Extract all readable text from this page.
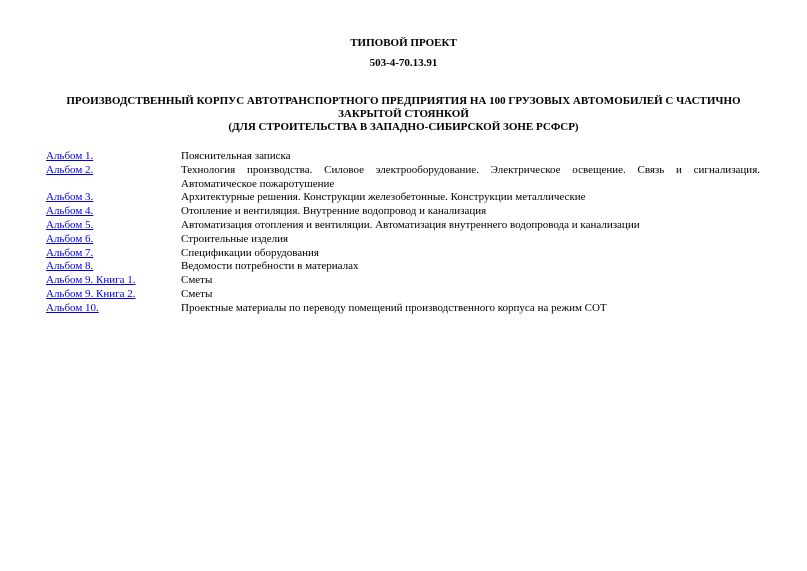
ТИПОВОЙ ПРОЕКТ
503-4-70.13.91
ПРОИЗВОДСТВЕННЫЙ КОРПУС АВТОТРАНСПОРТНОГО ПРЕДПРИЯТИЯ НА 100 ГРУЗОВЫХ АВТОМОБИЛЕЙ С ЧАСТИЧНО
ЗАКРЫТОЙ СТОЯНКОЙ
(ДЛЯ СТРОИТЕЛЬСТВА В ЗАПАДНО-СИБИРСКОЙ ЗОНЕ РСФСР)
Альбом 1.	Пояснительная записка
Альбом 2.	Технология производства. Силовое электрооборудование. Электрическое освещение. Связь и сигнализация. Автоматическое пожаротушение
Альбом 3.	Архитектурные решения. Конструкции железобетонные. Конструкции металлические
Альбом 4.	Отопление и вентиляция. Внутренние водопровод и канализация
Альбом 5.	Автоматизация отопления и вентиляции. Автоматизация внутреннего водопровода и канализации
Альбом 6.	Строительные изделия
Альбом 7.	Спецификации оборудования
Альбом 8.	Ведомости потребности в материалах
Альбом 9. Книга 1.	Сметы
Альбом 9. Книга 2.	Сметы
Альбом 10.	Проектные материалы по переводу помещений производственного корпуса на режим СОТ
